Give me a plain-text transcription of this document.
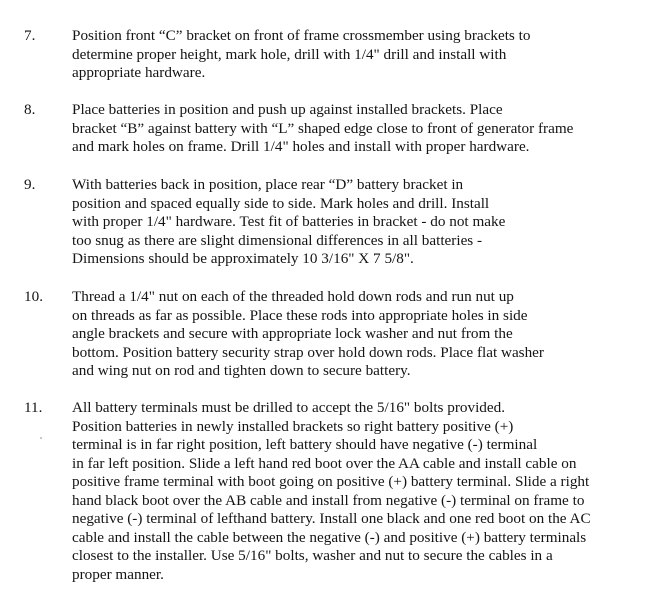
7. Position front “C” bracket on front of frame crossmember using brackets to
determine proper height, mark hole, drill with 1/4" drill and install with
appropriate hardware.
8. Place batteries in position and push up against installed brackets. Place
bracket “B” against battery with “L” shaped edge close to front of generator frame
and mark holes on frame. Drill 1/4" holes and install with proper hardware.
9. With batteries back in position, place rear “D” battery bracket in
position and spaced equally side to side. Mark holes and drill. Install
with proper 1/4" hardware. Test fit of batteries in bracket - do not make
too snug as there are slight dimensional differences in all batteries -
Dimensions should be approximately 10 3/16" X 7 5/8".
10. Thread a 1/4" nut on each of the threaded hold down rods and run nut up
on threads as far as possible. Place these rods into appropriate holes in side
angle brackets and secure with appropriate lock washer and nut from the
bottom. Position battery security strap over hold down rods. Place flat washer
and wing nut on rod and tighten down to secure battery.
11. All battery terminals must be drilled to accept the 5/16" bolts provided.
Position batteries in newly installed brackets so right battery positive (+)
terminal is in far right position, left battery should have negative (-) terminal
in far left position. Slide a left hand red boot over the AA cable and install cable on
positive frame terminal with boot going on positive (+) battery terminal. Slide a right
hand black boot over the AB cable and install from negative (-) terminal on frame to
negative (-) terminal of lefthand battery. Install one black and one red boot on the AC
cable and install the cable between the negative (-) and positive (+) battery terminals
closest to the installer. Use 5/16" bolts, washer and nut to secure the cables in a
proper manner.
